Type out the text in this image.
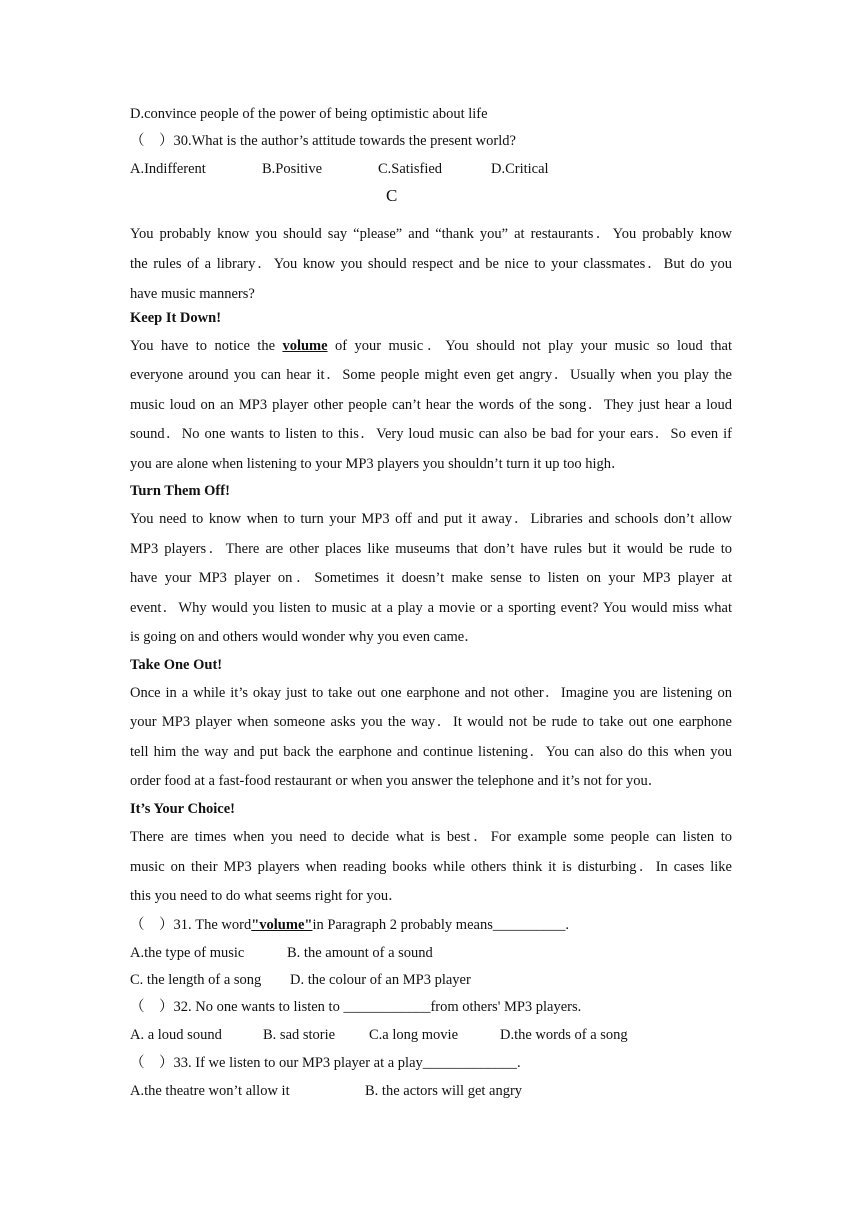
D.convince people of the power of being optimistic about life
（　）30.What is the author’s attitude towards the present world?
A.Indifferent	B.Positive	C.Satisfied	D.Critical
C
You probably know you should say “please” and “thank you” at restaurants．You probably know
the rules of a library．You know you should respect and be nice to your classmates．But do you
have music manners?
Keep It Down!
You have to notice the volume of your music．You should not play your music so loud that
everyone around you can hear it．Some people might even get angry．Usually when you play the
music loud on an MP3 player other people can’t hear the words of the song．They just hear a loud
sound．No one wants to listen to this．Very loud music can also be bad for your ears．So even if
you are alone when listening to your MP3 players you shouldn’t turn it up too high．
Turn Them Off!
You need to know when to turn your MP3 off and put it away．Libraries and schools don’t allow
MP3 players．There are other places like museums that don’t have rules but it would be rude to
have your MP3 player on．Sometimes it doesn’t make sense to listen on your MP3 player at
event．Why would you listen to music at a play a movie or a sporting event? You would miss what
is going on and others would wonder why you even came．
Take One Out!
Once in a while it’s okay just to take out one earphone and not other．Imagine you are listening on
your MP3 player when someone asks you the way．It would not be rude to take out one earphone
tell him the way and put back the earphone and continue listening．You can also do this when you
order food at a fast-food restaurant or when you answer the telephone and it’s not for you．
It’s Your Choice!
There are times when you need to decide what is best．For example some people can listen to
music on their MP3 players when reading books while others think it is disturbing．In cases like
this you need to do what seems right for you．
（　）31. The word"volume"in Paragraph 2 probably means__________.
A.the type of music	B. the amount of a sound
C. the length of a song D. the colour of an MP3 player
（　）32. No one wants to listen to ____________from others' MP3 players.
A. a loud sound	B. sad storie C.a long movie	D.the words of a song
（　）33. If we listen to our MP3 player at a play_____________.
A.the theatre won’t allow it	B. the actors will get angry
